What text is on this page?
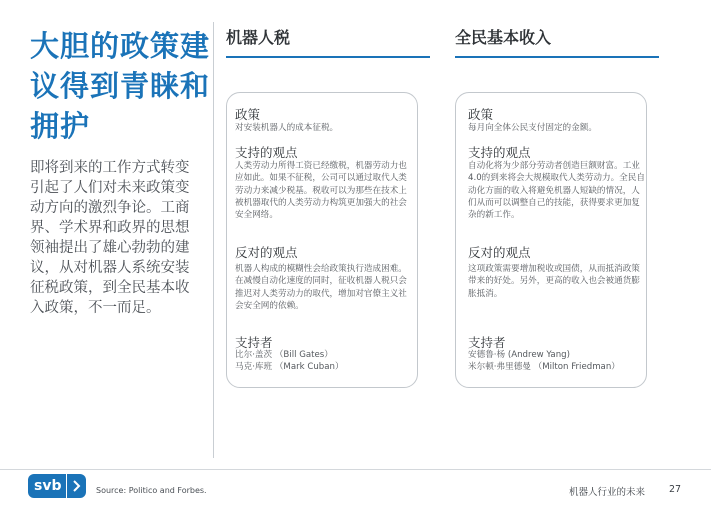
大胆的政策建议得到青睐和拥护
即将到来的工作方式转变引起了人们对未来政策变动方向的激烈争论。工商界、学术界和政界的思想领袖提出了雄心勃勃的建议，从对机器人系统安装征税政策，到全民基本收入政策，不一而足。
机器人税
政策
对安装机器人的成本征税。
支持的观点
人类劳动力所得工资已经缴税，机器劳动力也应如此。如果不征税，公司可以通过取代人类劳动力来减少税基。税收可以为那些在技术上被机器取代的人类劳动力构筑更加强大的社会安全网络。
反对的观点
机器人构成的模糊性会给政策执行造成困难。在减慢自动化速度的同时，征收机器人税只会推迟对人类劳动力的取代，增加对官僚主义社会安全网的依赖。
支持者
比尔·盖茨 （Bill Gates）
马克·库班 （Mark Cuban）
全民基本收入
政策
每月向全体公民支付固定的金额。
支持的观点
自动化将为少部分劳动者创造巨额财富。工业4.0的到来将会大规模取代人类劳动力。全民自动化方面的收入将避免机器人短缺的情况，人们从而可以调整自己的技能，获得要求更加复杂的新工作。
反对的观点
这项政策需要增加税收或国债，从而抵消政策带来的好处。另外，更高的收入也会被通货膨胀抵消。
支持者
安德鲁·杨 (Andrew Yang)
米尔顿·弗里德曼 （Milton Friedman）
svb	Source: Politico and Forbes.	机器人行业的未来	27
